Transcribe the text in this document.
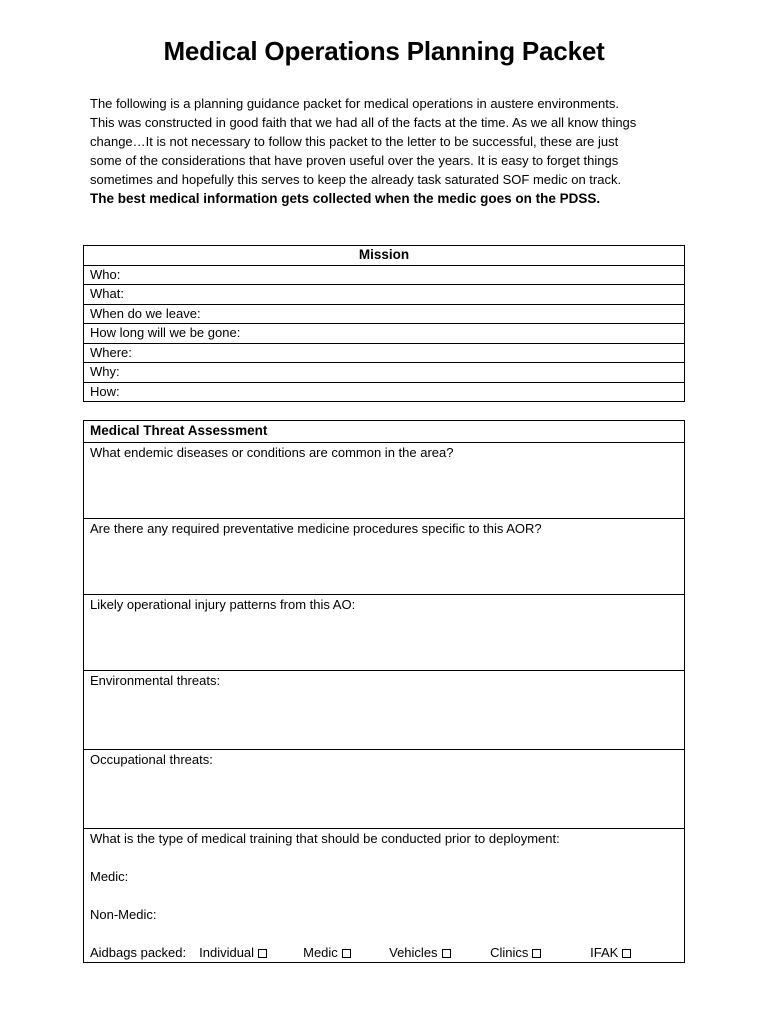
Medical Operations Planning Packet
The following is a planning guidance packet for medical operations in austere environments.
This was constructed in good faith that we had all of the facts at the time. As we all know things
change…It is not necessary to follow this packet to the letter to be successful, these are just
some of the considerations that have proven useful over the years. It is easy to forget things
sometimes and hopefully this serves to keep the already task saturated SOF medic on track.
The best medical information gets collected when the medic goes on the PDSS.
Mission
Who:
What:
When do we leave:
How long will we be gone:
Where:
Why:
How:
Medical Threat Assessment
What endemic diseases or conditions are common in the area?
Are there any required preventative medicine procedures specific to this AOR?
Likely operational injury patterns from this AO:
Environmental threats:
Occupational threats:

What is the type of medical training that should be conducted prior to deployment:
Medic:
Non-Medic:
Aidbags packed: Individual	Medic	Vehicles	Clinics	IFAK
